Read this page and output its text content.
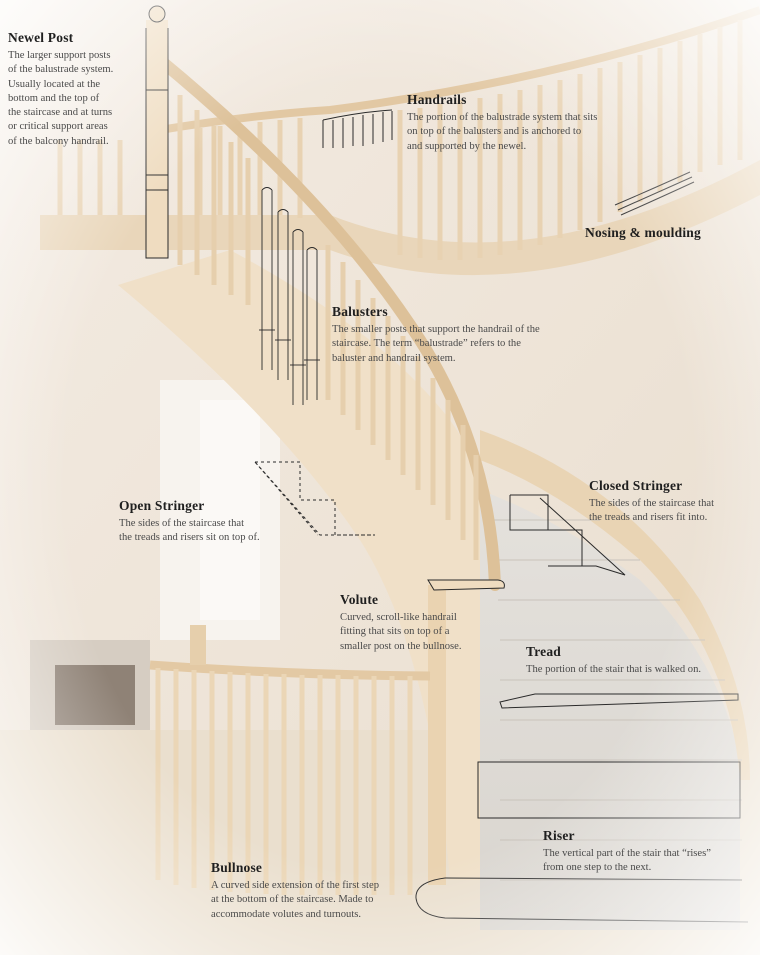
Newel Post
The larger support posts
of the balustrade system.
Usually located at the
bottom and the top of
the staircase and at turns
or critical support areas
of the balcony handrail.
Handrails
The portion of the balustrade system that sits
on top of the balusters and is anchored to
and supported by the newel.
Nosing & moulding
Balusters
The smaller posts that support the handrail of the
staircase. The term “balustrade” refers to the
baluster and handrail system.
Closed Stringer
The sides of the staircase that
the treads and risers fit into.
Open Stringer
The sides of the staircase that
the treads and risers sit on top of.
Volute
Curved, scroll-like handrail
fitting that sits on top of a
smaller post on the bullnose.	Tread
The portion of the stair that is walked on.
Riser
The vertical part of the stair that “rises”
from one step to the next.
Bullnose
A curved side extension of the first step
at the bottom of the staircase. Made to
accommodate volutes and turnouts.
